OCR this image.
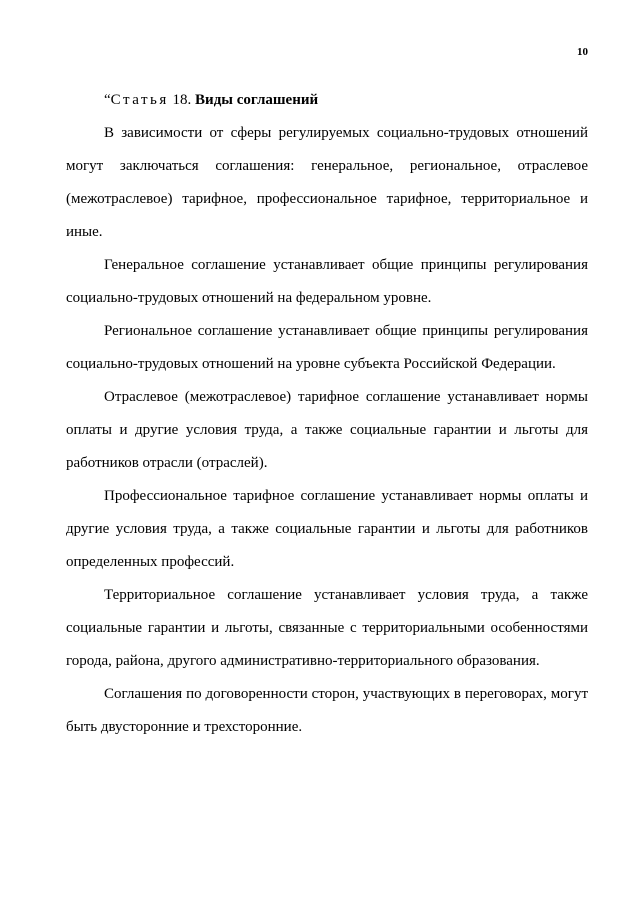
10
“Статья 18. Виды соглашений

В зависимости от сферы регулируемых социально-трудовых отношений могут заключаться соглашения: генеральное, региональное, отраслевое (межотраслевое) тарифное, профессиональное тарифное, территориальное и иные.

Генеральное соглашение устанавливает общие принципы регулирования социально-трудовых отношений на федеральном уровне.

Региональное соглашение устанавливает общие принципы регулирования социально-трудовых отношений на уровне субъекта Российской Федерации.

Отраслевое (межотраслевое) тарифное соглашение устанавливает нормы оплаты и другие условия труда, а также социальные гарантии и льготы для работников отрасли (отраслей).

Профессиональное тарифное соглашение устанавливает нормы оплаты и другие условия труда, а также социальные гарантии и льготы для работников определенных профессий.

Территориальное соглашение устанавливает условия труда, а также социальные гарантии и льготы, связанные с территориальными особенностями города, района, другого административно-территориального образования.

Соглашения по договоренности сторон, участвующих в переговорах, могут быть двусторонние и трехсторонние.
